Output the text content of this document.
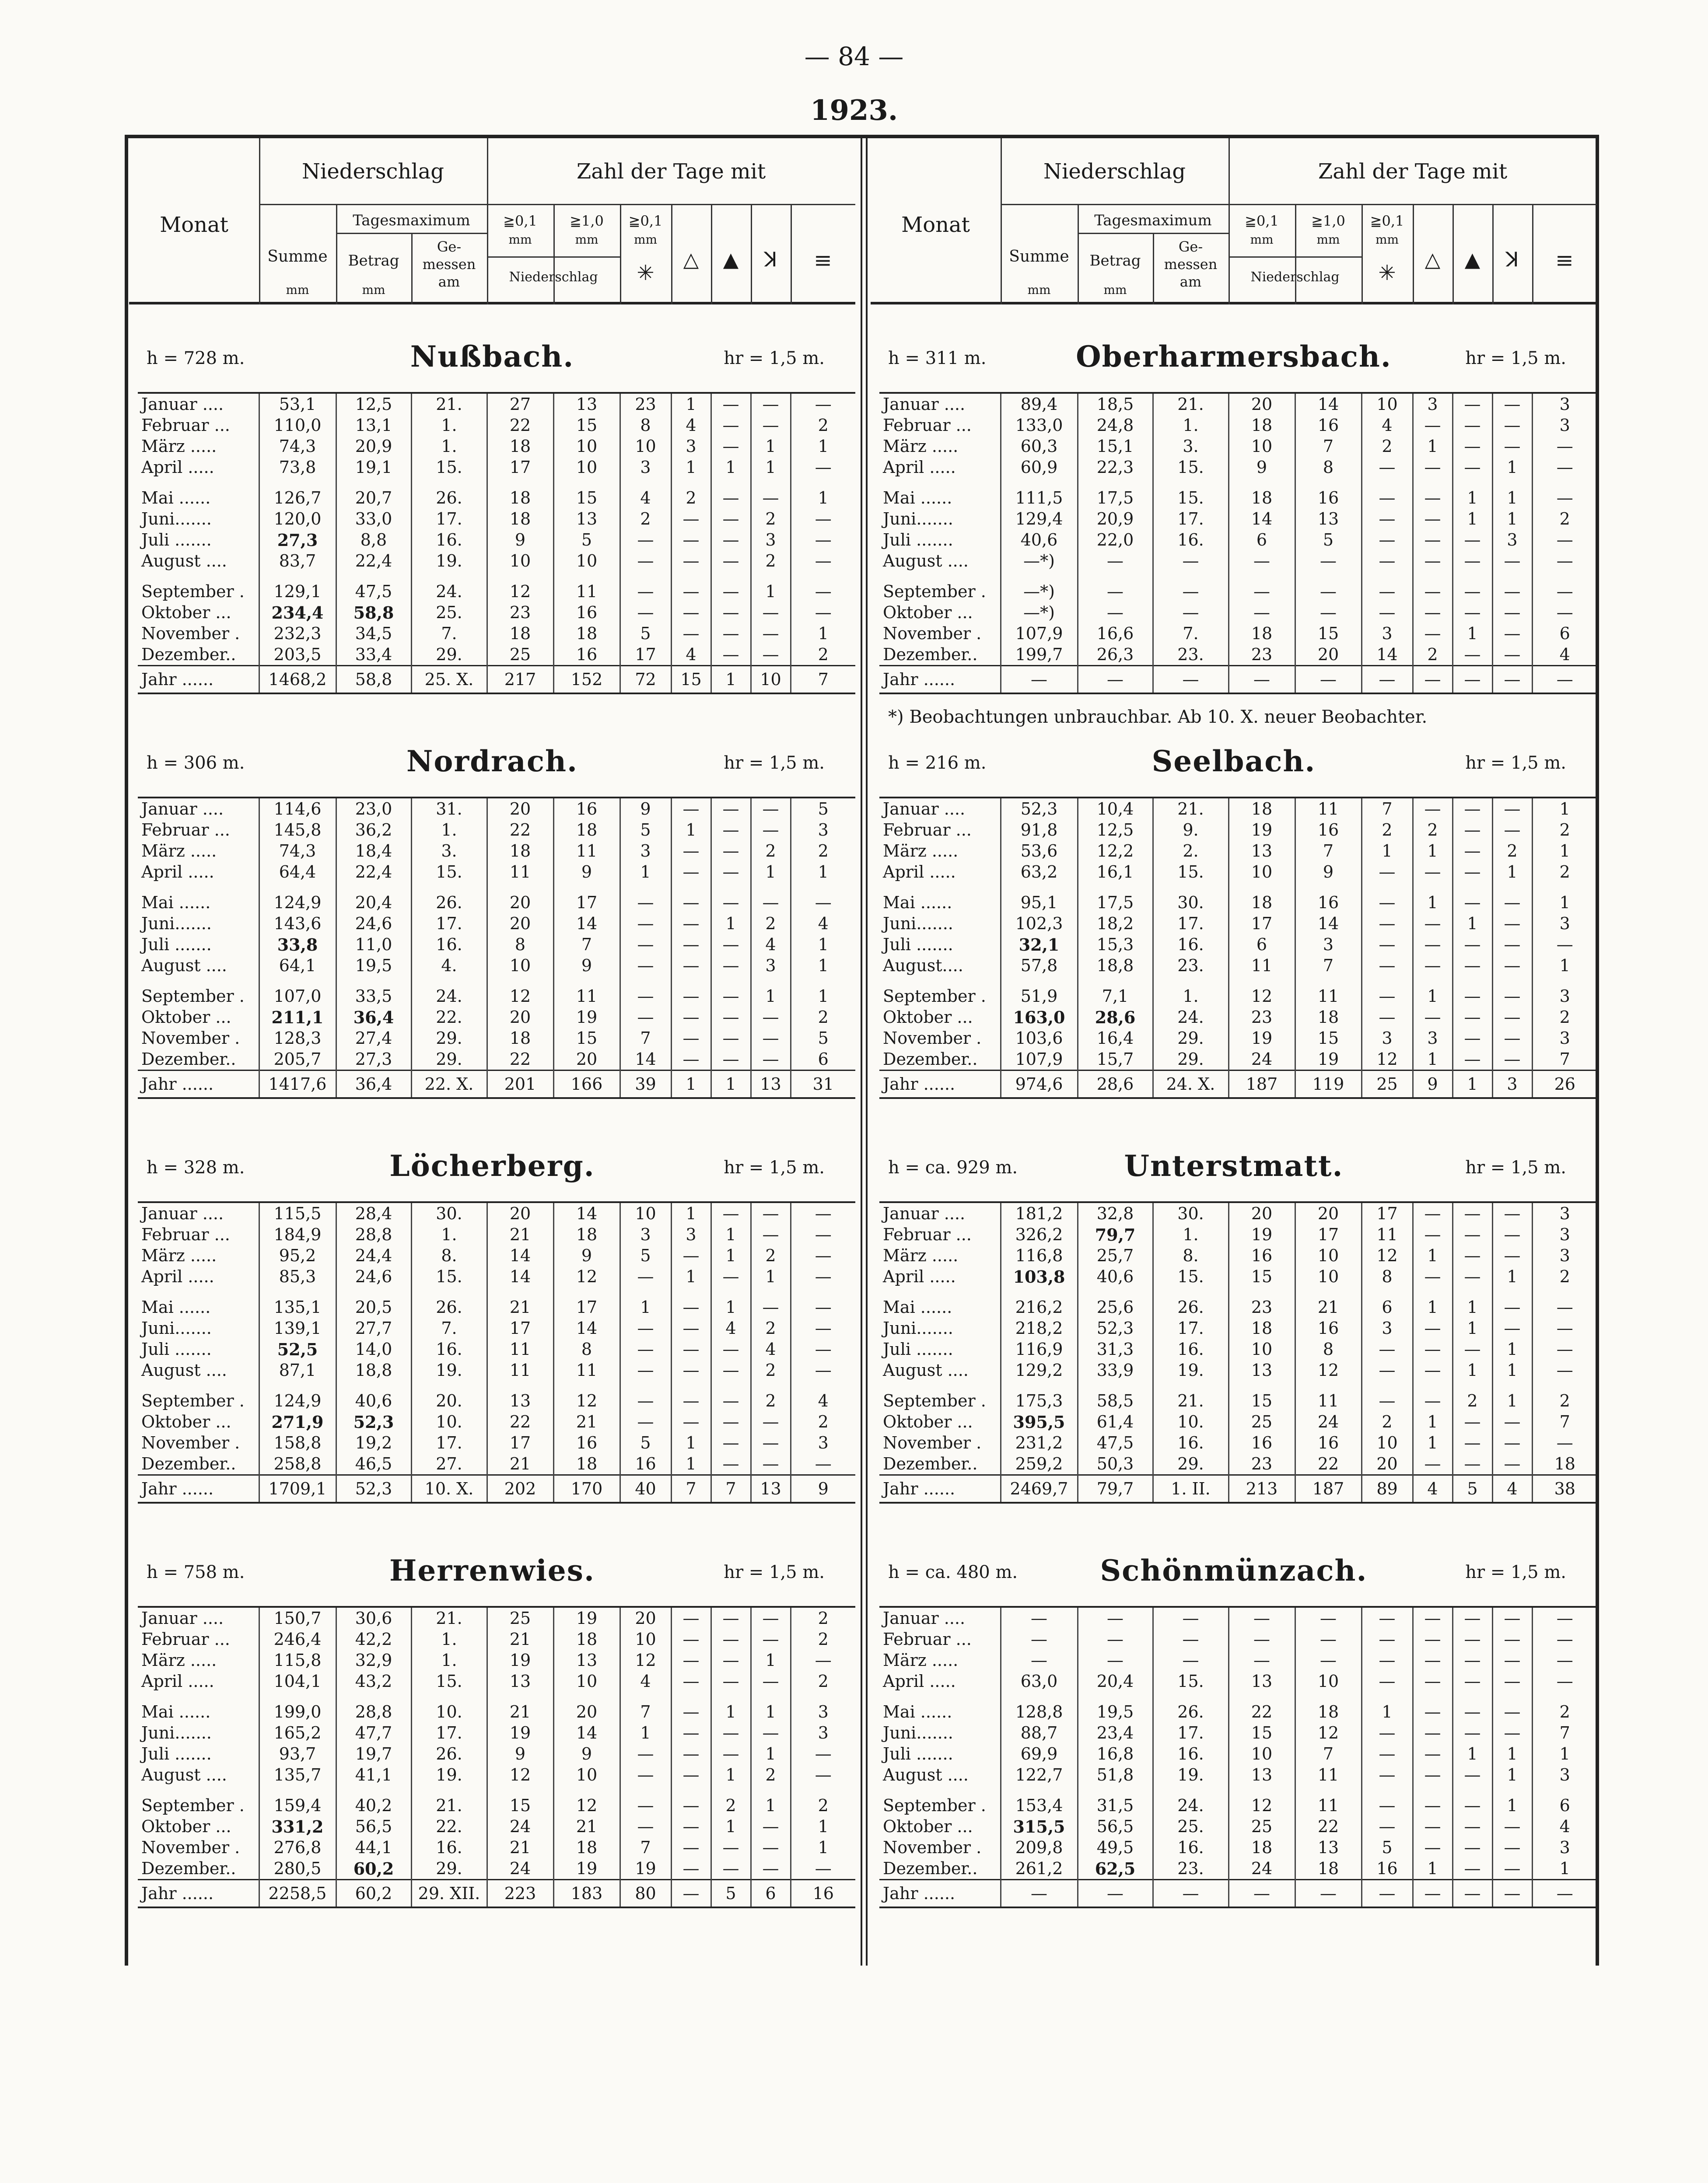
— 84 —
1923.
Monat
Niederschlag	Zahl der Tage mit
Summe
mm
Tagesmaximum
Betrag
mm
Ge-messen am
≧0,1
mm
≧1,0
mm
Niederschlag
≧0,1
mm
✳
△	▲	ꓘ	≡
h = 728 m.	Nußbach.	hr = 1,5 m.
Januar ....	53,1	12,5	21.	27	13	23	1	—	—	—
Februar ...	110,0	13,1	1.	22	15	8	4	—	—	2
März .....	74,3	20,9	1.	18	10	10	3	—	1	1
April .....	73,8	19,1	15.	17	10	3	1	1	1	—
Mai ......	126,7	20,7	26.	18	15	4	2	—	—	1
Juni.......	120,0	33,0	17.	18	13	2	—	—	2	—
Juli .......	27,3	8,8	16.	9	5	—	—	—	3	—
August ....	83,7	22,4	19.	10	10	—	—	—	2	—
September .	129,1	47,5	24.	12	11	—	—	—	1	—
Oktober ...	234,4	58,8	25.	23	16	—	—	—	—	—
November .	232,3	34,5	7.	18	18	5	—	—	—	1
Dezember..	203,5	33,4	29.	25	16	17	4	—	—	2
Jahr ......	1468,2	58,8	25. X.	217	152	72	15	1	10	7
h = 306 m.	Nordrach.	hr = 1,5 m.
Januar ....	114,6	23,0	31.	20	16	9	—	—	—	5
Februar ...	145,8	36,2	1.	22	18	5	1	—	—	3
März .....	74,3	18,4	3.	18	11	3	—	—	2	2
April .....	64,4	22,4	15.	11	9	1	—	—	1	1
Mai ......	124,9	20,4	26.	20	17	—	—	—	—	—
Juni.......	143,6	24,6	17.	20	14	—	—	1	2	4
Juli .......	33,8	11,0	16.	8	7	—	—	—	4	1
August ....	64,1	19,5	4.	10	9	—	—	—	3	1
September .	107,0	33,5	24.	12	11	—	—	—	1	1
Oktober ...	211,1	36,4	22.	20	19	—	—	—	—	2
November .	128,3	27,4	29.	18	15	7	—	—	—	5
Dezember..	205,7	27,3	29.	22	20	14	—	—	—	6
Jahr ......	1417,6	36,4	22. X.	201	166	39	1	1	13	31
h = 328 m.	Löcherberg.	hr = 1,5 m.
Januar ....	115,5	28,4	30.	20	14	10	1	—	—	—
Februar ...	184,9	28,8	1.	21	18	3	3	1	—	—
März .....	95,2	24,4	8.	14	9	5	—	1	2	—
April .....	85,3	24,6	15.	14	12	—	1	—	1	—
Mai ......	135,1	20,5	26.	21	17	1	—	1	—	—
Juni.......	139,1	27,7	7.	17	14	—	—	4	2	—
Juli .......	52,5	14,0	16.	11	8	—	—	—	4	—
August ....	87,1	18,8	19.	11	11	—	—	—	2	—
September .	124,9	40,6	20.	13	12	—	—	—	2	4
Oktober ...	271,9	52,3	10.	22	21	—	—	—	—	2
November .	158,8	19,2	17.	17	16	5	1	—	—	3
Dezember..	258,8	46,5	27.	21	18	16	1	—	—	—
Jahr ......	1709,1	52,3	10. X.	202	170	40	7	7	13	9
h = 758 m.	Herrenwies.	hr = 1,5 m.
Januar ....	150,7	30,6	21.	25	19	20	—	—	—	2
Februar ...	246,4	42,2	1.	21	18	10	—	—	—	2
März .....	115,8	32,9	1.	19	13	12	—	—	1	—
April .....	104,1	43,2	15.	13	10	4	—	—	—	2
Mai ......	199,0	28,8	10.	21	20	7	—	1	1	3
Juni.......	165,2	47,7	17.	19	14	1	—	—	—	3
Juli .......	93,7	19,7	26.	9	9	—	—	—	1	—
August ....	135,7	41,1	19.	12	10	—	—	1	2	—
September .	159,4	40,2	21.	15	12	—	—	2	1	2
Oktober ...	331,2	56,5	22.	24	21	—	—	1	—	1
November .	276,8	44,1	16.	21	18	7	—	—	—	1
Dezember..	280,5	60,2	29.	24	19	19	—	—	—	—
Jahr ......	2258,5	60,2	29. XII.	223	183	80	—	5	6	16
Monat
Niederschlag	Zahl der Tage mit
Summe
mm
Tagesmaximum
Betrag
mm
Ge-messen am
≧0,1
mm
≧1,0
mm
Niederschlag
≧0,1
mm
✳
△	▲	ꓘ	≡
h = 311 m.	Oberharmersbach.	hr = 1,5 m.
Januar ....	89,4	18,5	21.	20	14	10	3	—	—	3
Februar ...	133,0	24,8	1.	18	16	4	—	—	—	3
März .....	60,3	15,1	3.	10	7	2	1	—	—	—
April .....	60,9	22,3	15.	9	8	—	—	—	1	—
Mai ......	111,5	17,5	15.	18	16	—	—	1	1	—
Juni.......	129,4	20,9	17.	14	13	—	—	1	1	2
Juli .......	40,6	22,0	16.	6	5	—	—	—	3	—
August ....	—*)	—	—	—	—	—	—	—	—	—
September .	—*)	—	—	—	—	—	—	—	—	—
Oktober ...	—*)	—	—	—	—	—	—	—	—	—
November .	107,9	16,6	7.	18	15	3	—	1	—	6
Dezember..	199,7	26,3	23.	23	20	14	2	—	—	4
Jahr ......	—	—	—	—	—	—	—	—	—	—
*) Beobachtungen unbrauchbar. Ab 10. X. neuer Beobachter.
h = 216 m.	Seelbach.	hr = 1,5 m.
Januar ....	52,3	10,4	21.	18	11	7	—	—	—	1
Februar ...	91,8	12,5	9.	19	16	2	2	—	—	2
März .....	53,6	12,2	2.	13	7	1	1	—	2	1
April .....	63,2	16,1	15.	10	9	—	—	—	1	2
Mai ......	95,1	17,5	30.	18	16	—	1	—	—	1
Juni.......	102,3	18,2	17.	17	14	—	—	1	—	3
Juli .......	32,1	15,3	16.	6	3	—	—	—	—	—
August....	57,8	18,8	23.	11	7	—	—	—	—	1
September .	51,9	7,1	1.	12	11	—	1	—	—	3
Oktober ...	163,0	28,6	24.	23	18	—	—	—	—	2
November .	103,6	16,4	29.	19	15	3	3	—	—	3
Dezember..	107,9	15,7	29.	24	19	12	1	—	—	7
Jahr ......	974,6	28,6	24. X.	187	119	25	9	1	3	26
h = ca. 929 m.	Unterstmatt.	hr = 1,5 m.
Januar ....	181,2	32,8	30.	20	20	17	—	—	—	3
Februar ...	326,2	79,7	1.	19	17	11	—	—	—	3
März .....	116,8	25,7	8.	16	10	12	1	—	—	3
April .....	103,8	40,6	15.	15	10	8	—	—	1	2
Mai ......	216,2	25,6	26.	23	21	6	1	1	—	—
Juni.......	218,2	52,3	17.	18	16	3	—	1	—	—
Juli .......	116,9	31,3	16.	10	8	—	—	—	1	—
August ....	129,2	33,9	19.	13	12	—	—	1	1	—
September .	175,3	58,5	21.	15	11	—	—	2	1	2
Oktober ...	395,5	61,4	10.	25	24	2	1	—	—	7
November .	231,2	47,5	16.	16	16	10	1	—	—	—
Dezember..	259,2	50,3	29.	23	22	20	—	—	—	18
Jahr ......	2469,7	79,7	1. II.	213	187	89	4	5	4	38
h = ca. 480 m.	Schönmünzach.	hr = 1,5 m.
Januar ....	—	—	—	—	—	—	—	—	—	—
Februar ...	—	—	—	—	—	—	—	—	—	—
März .....	—	—	—	—	—	—	—	—	—	—
April .....	63,0	20,4	15.	13	10	—	—	—	—	—
Mai ......	128,8	19,5	26.	22	18	1	—	—	—	2
Juni.......	88,7	23,4	17.	15	12	—	—	—	—	7
Juli .......	69,9	16,8	16.	10	7	—	—	1	1	1
August ....	122,7	51,8	19.	13	11	—	—	—	1	3
September .	153,4	31,5	24.	12	11	—	—	—	1	6
Oktober ...	315,5	56,5	25.	25	22	—	—	—	—	4
November .	209,8	49,5	16.	18	13	5	—	—	—	3
Dezember..	261,2	62,5	23.	24	18	16	1	—	—	1
Jahr ......	—	—	—	—	—	—	—	—	—	—
